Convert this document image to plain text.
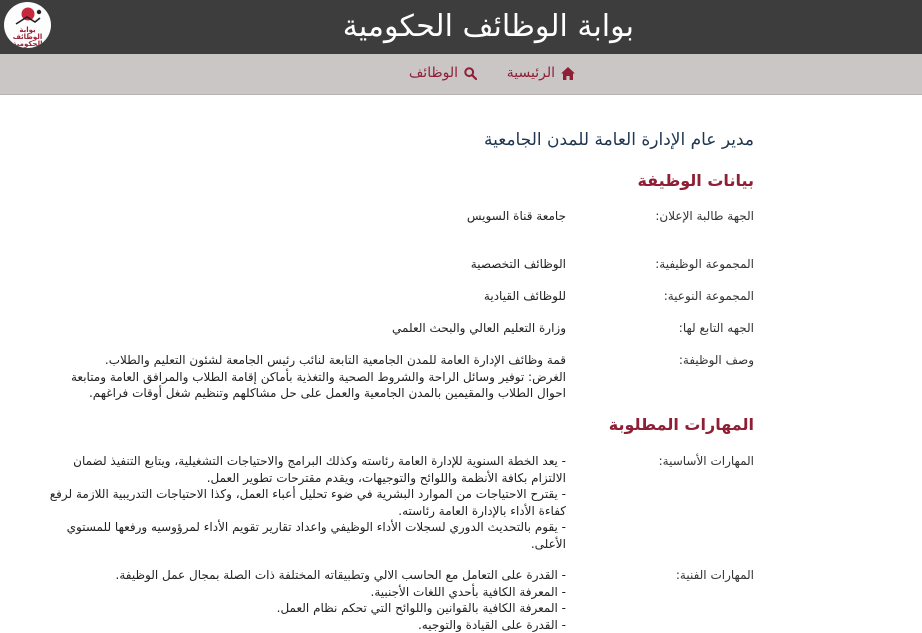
بوابة
الوظائف
الحكومية	بوابة الوظائف الحكومية
الرئيسية
الوظائف
مدير عام الإدارة العامة للمدن الجامعية
بيانات الوظيفة
الجهة طالبة الإعلان:
جامعة قناة السويس
المجموعة الوظيفية:
الوظائف التخصصية
المجموعة النوعية:
للوظائف القيادية
الجهه التابع لها:
وزارة التعليم العالي والبحث العلمي
وصف الوظيفة:
قمة وظائف الإدارة العامة للمدن الجامعية التابعة لنائب رئيس الجامعة لشئون التعليم والطلاب.
الغرض: توفير وسائل الراحة والشروط الصحية والتغذية بأماكن إقامة الطلاب والمرافق العامة ومتابعة
احوال الطلاب والمقيمين بالمدن الجامعية والعمل على حل مشاكلهم وتنظيم شغل أوقات فراغهم.
المهارات المطلوبة
المهارات الأساسية:
- يعد الخطة السنوية للإدارة العامة رئاسته وكذلك البرامج والاحتياجات التشغيلية، ويتابع التنفيذ لضمان
الالتزام بكافة الأنظمة واللوائح والتوجيهات، ويقدم مقترحات تطوير العمل.
- يقترح الاحتياجات من الموارد البشرية في ضوء تحليل أعباء العمل، وكذا الاحتياجات التدريبية اللازمة لرفع
كفاءة الأداء بالإدارة العامة رئاسته.
- يقوم بالتحديث الدوري لسجلات الأداء الوظيفي واعداد تقارير تقويم الأداء لمرؤوسيه ورفعها للمستوي
الأعلى.
المهارات الفنية:
- القدرة على التعامل مع الحاسب الالي وتطبيقاته المختلفة ذات الصلة بمجال عمل الوظيفة.
- المعرفة الكافية بأحدي اللغات الأجنبية.
- المعرفة الكافية بالقوانين واللوائح التي تحكم نظام العمل.
- القدرة على القيادة والتوجيه.
